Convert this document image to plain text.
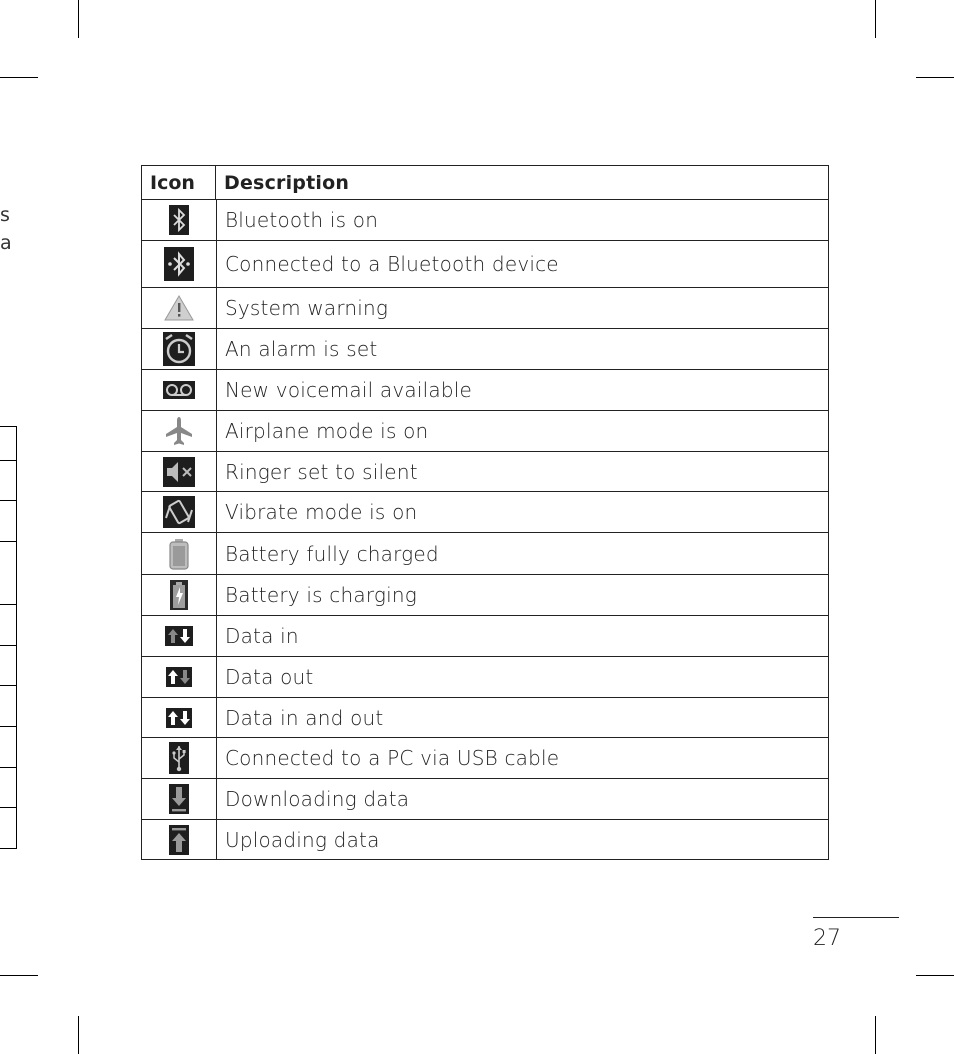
s
a
Icon	Description
Bluetooth is on
Connected to a Bluetooth device
System warning
An alarm is set
New voicemail available
Airplane mode is on
Ringer set to silent
Vibrate mode is on
Battery fully charged
Battery is charging
Data in
Data out
Data in and out
Connected to a PC via USB cable
Downloading data
Uploading data
27
